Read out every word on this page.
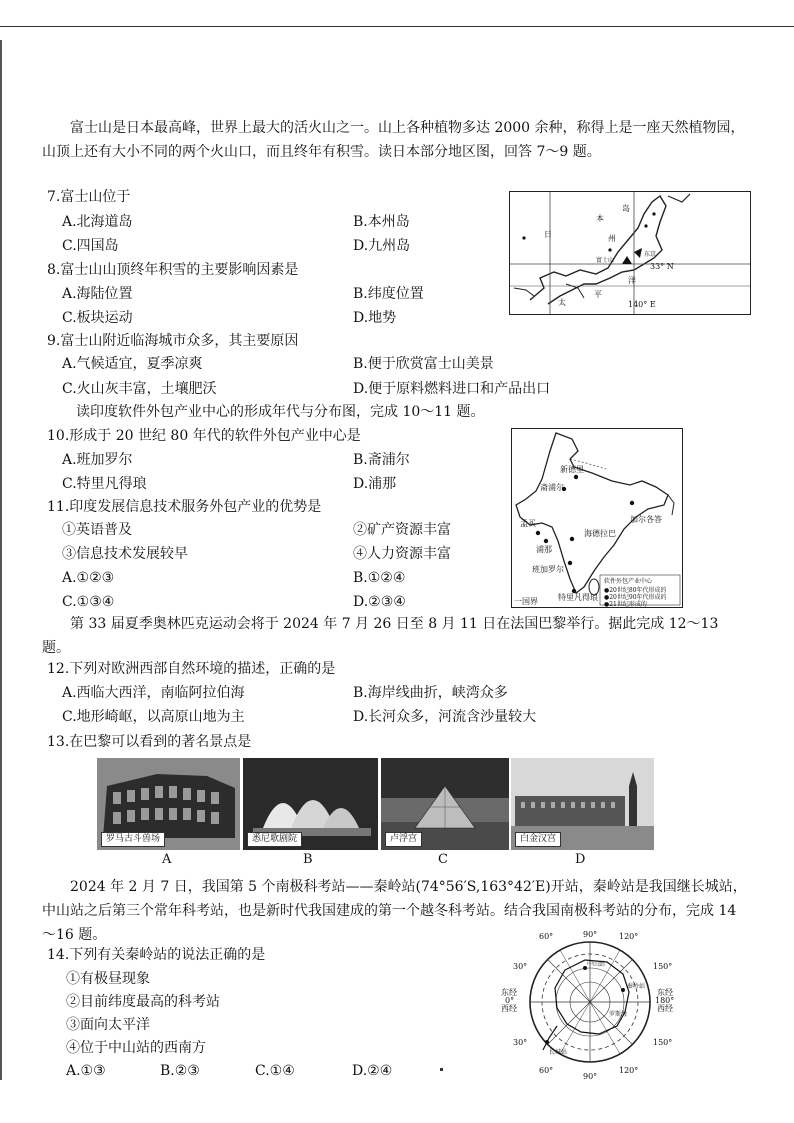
富士山是日本最高峰，世界上最大的活火山之一。山上各种植物多达 2000 余种，称得上是一座天然植物园，山顶上还有大小不同的两个火山口，而且终年有积雪。读日本部分地区图，回答 7～9 题。
7.富士山位于
A.北海道岛	B.本州岛
C.四国岛	D.九州岛
8.富士山山顶终年积雪的主要影响因素是
A.海陆位置	B.纬度位置
C.板块运动	D.地势
9.富士山附近临海城市众多，其主要原因
A.气候适宜，夏季凉爽	B.便于欣赏富士山美景
C.火山灰丰富，土壤肥沃	D.便于原料燃料进口和产品出口
本
岛
日	州
富士山
东京
33° N
太
平
洋
140° E
读印度软件外包产业中心的形成年代与分布图，完成 10～11 题。
10.形成于 20 世纪 80 年代的软件外包产业中心是
A.班加罗尔	B.斋浦尔
C.特里凡得琅	D.浦那
11.印度发展信息技术服务外包产业的优势是
①英语普及	②矿产资源丰富
③信息技术发展较早	④人力资源丰富
A.①②③	B.①②④
C.①③④	D.②③④
新德里
斋浦尔
加尔各答
孟买
浦那
海德拉巴
班加罗尔
特里凡得琅
一国界
软件外包产业中心
●20世纪80年代形成的
●20世纪90年代形成的
●21世纪形成的
第 33 届夏季奥林匹克运动会将于 2024 年 7 月 26 日至 8 月 11 日在法国巴黎举行。据此完成 12～13 题。
12.下列对欧洲西部自然环境的描述，正确的是
A.西临大西洋，南临阿拉伯海	B.海岸线曲折，峡湾众多
C.地形崎岖，以高原山地为主	D.长河众多，河流含沙量较大
13.在巴黎可以看到的著名景点是
罗马古斗兽场	悉尼歌剧院	卢浮宫	白金汉宫
A	B	C	D
2024 年 2 月 7 日，我国第 5 个南极科考站——秦岭站(74°56′S,163°42′E)开站，秦岭站是我国继长城站，中山站之后第三个常年科考站，也是新时代我国建成的第一个越冬科考站。结合我国南极科考站的分布，完成 14～16 题。
14.下列有关秦岭站的说法正确的是
①有极昼现象
②目前纬度最高的科考站
③面向太平洋
④位于中山站的西南方
A.①③	B.②③	C.①④	D.②④
60°	120°
30°	150°
东经
0°
西经
东经
180°
西经
30°	150°
60°
90°
120°
90°
中山站
秦岭站
罗斯海
长城站
